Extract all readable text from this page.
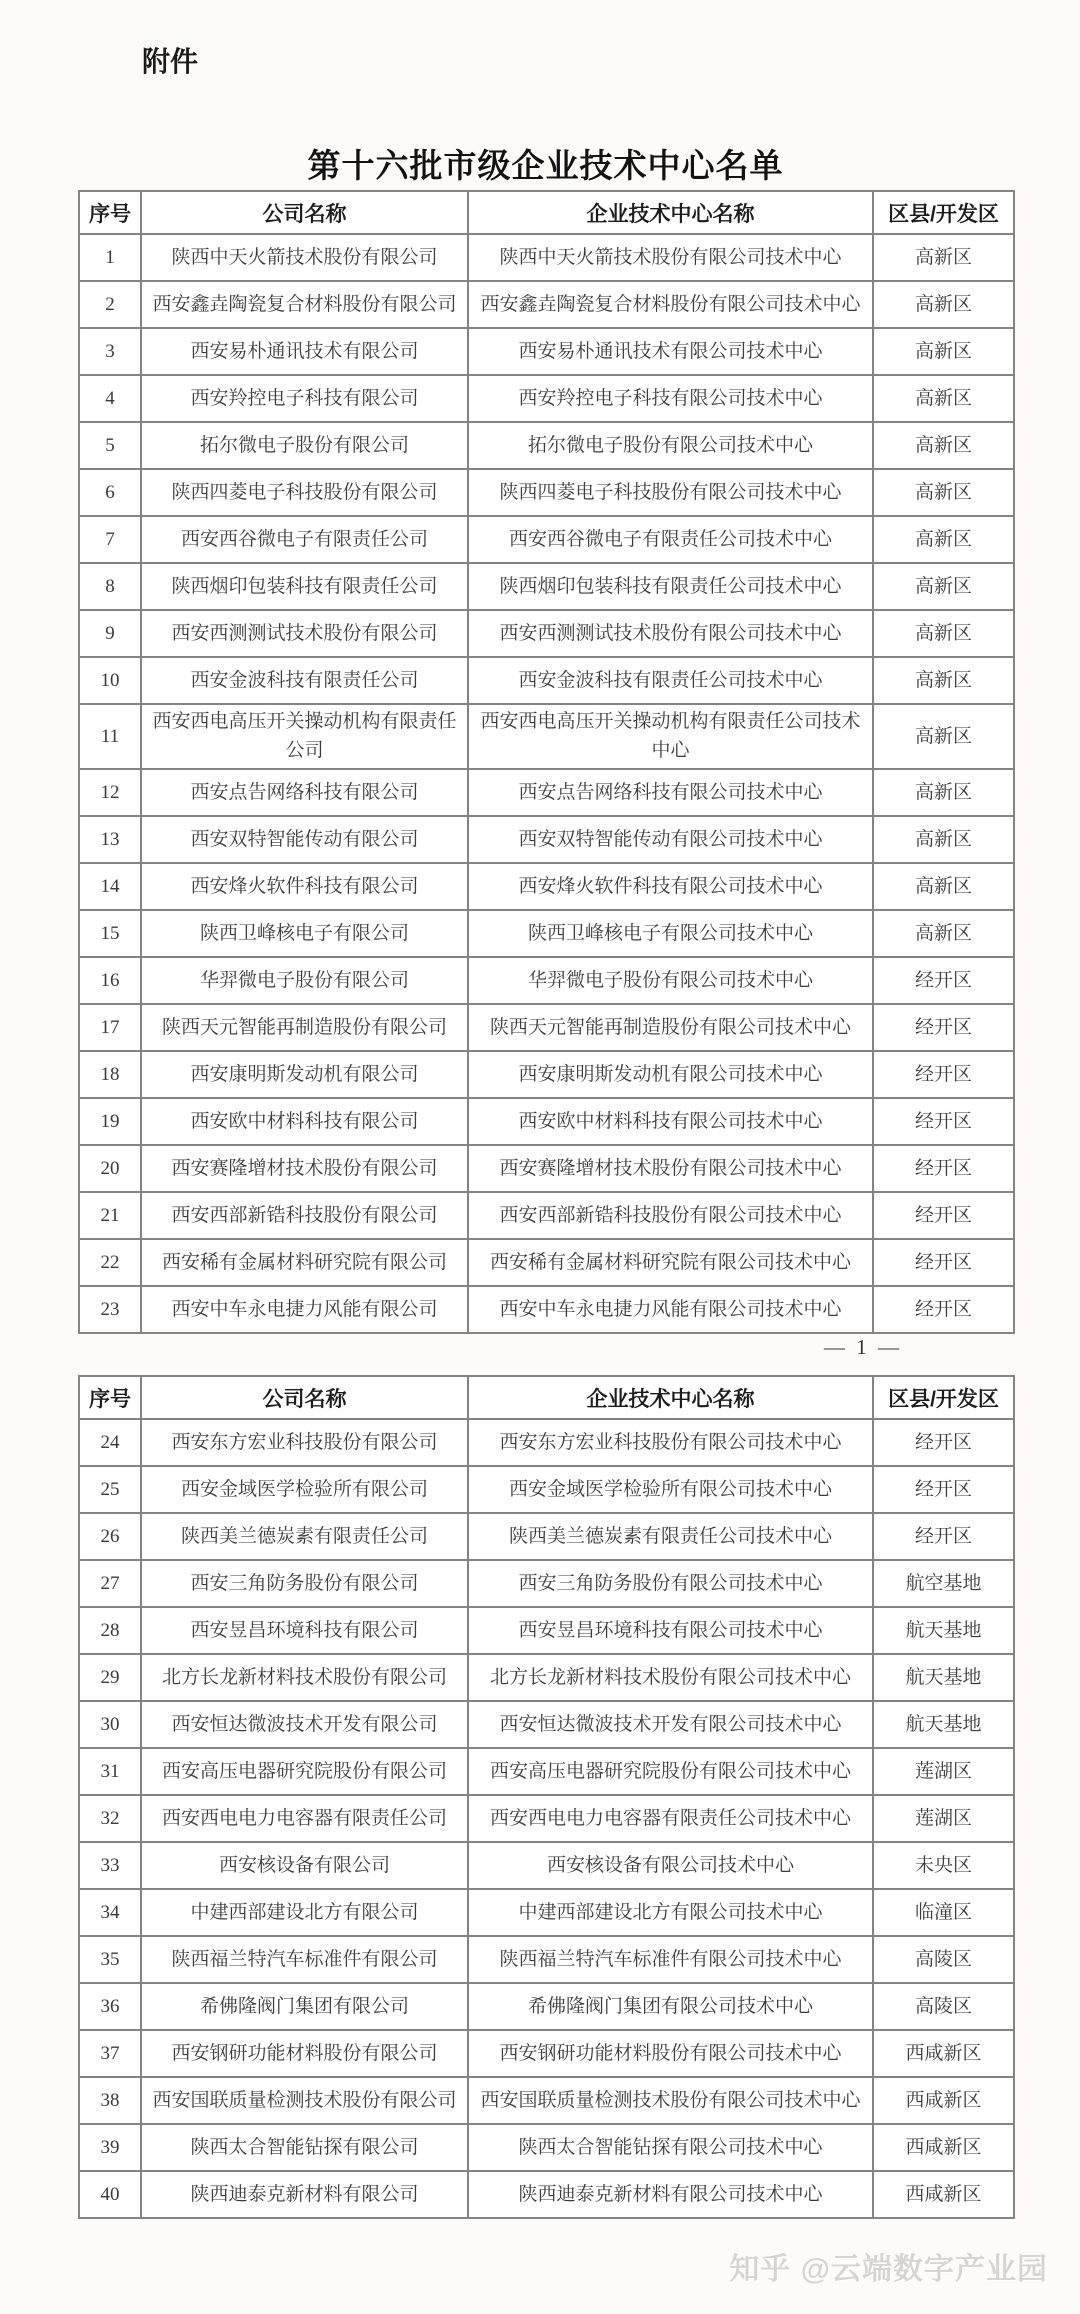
附件
第十六批市级企业技术中心名单
序号	公司名称	企业技术中心名称	区县/开发区
1	陕西中天火箭技术股份有限公司	陕西中天火箭技术股份有限公司技术中心	高新区
2	西安鑫垚陶瓷复合材料股份有限公司	西安鑫垚陶瓷复合材料股份有限公司技术中心	高新区
3	西安易朴通讯技术有限公司	西安易朴通讯技术有限公司技术中心	高新区
4	西安羚控电子科技有限公司	西安羚控电子科技有限公司技术中心	高新区
5	拓尔微电子股份有限公司	拓尔微电子股份有限公司技术中心	高新区
6	陕西四菱电子科技股份有限公司	陕西四菱电子科技股份有限公司技术中心	高新区
7	西安西谷微电子有限责任公司	西安西谷微电子有限责任公司技术中心	高新区
8	陕西烟印包装科技有限责任公司	陕西烟印包装科技有限责任公司技术中心	高新区
9	西安西测测试技术股份有限公司	西安西测测试技术股份有限公司技术中心	高新区
10	西安金波科技有限责任公司	西安金波科技有限责任公司技术中心	高新区
11	西安西电高压开关操动机构有限责任公司	西安西电高压开关操动机构有限责任公司技术中心	高新区
12	西安点告网络科技有限公司	西安点告网络科技有限公司技术中心	高新区
13	西安双特智能传动有限公司	西安双特智能传动有限公司技术中心	高新区
14	西安烽火软件科技有限公司	西安烽火软件科技有限公司技术中心	高新区
15	陕西卫峰核电子有限公司	陕西卫峰核电子有限公司技术中心	高新区
16	华羿微电子股份有限公司	华羿微电子股份有限公司技术中心	经开区
17	陕西天元智能再制造股份有限公司	陕西天元智能再制造股份有限公司技术中心	经开区
18	西安康明斯发动机有限公司	西安康明斯发动机有限公司技术中心	经开区
19	西安欧中材料科技有限公司	西安欧中材料科技有限公司技术中心	经开区
20	西安赛隆增材技术股份有限公司	西安赛隆增材技术股份有限公司技术中心	经开区
21	西安西部新锆科技股份有限公司	西安西部新锆科技股份有限公司技术中心	经开区
22	西安稀有金属材料研究院有限公司	西安稀有金属材料研究院有限公司技术中心	经开区
23	西安中车永电捷力风能有限公司	西安中车永电捷力风能有限公司技术中心	经开区
— 1 —
序号	公司名称	企业技术中心名称	区县/开发区
24	西安东方宏业科技股份有限公司	西安东方宏业科技股份有限公司技术中心	经开区
25	西安金域医学检验所有限公司	西安金域医学检验所有限公司技术中心	经开区
26	陕西美兰德炭素有限责任公司	陕西美兰德炭素有限责任公司技术中心	经开区
27	西安三角防务股份有限公司	西安三角防务股份有限公司技术中心	航空基地
28	西安昱昌环境科技有限公司	西安昱昌环境科技有限公司技术中心	航天基地
29	北方长龙新材料技术股份有限公司	北方长龙新材料技术股份有限公司技术中心	航天基地
30	西安恒达微波技术开发有限公司	西安恒达微波技术开发有限公司技术中心	航天基地
31	西安高压电器研究院股份有限公司	西安高压电器研究院股份有限公司技术中心	莲湖区
32	西安西电电力电容器有限责任公司	西安西电电力电容器有限责任公司技术中心	莲湖区
33	西安核设备有限公司	西安核设备有限公司技术中心	未央区
34	中建西部建设北方有限公司	中建西部建设北方有限公司技术中心	临潼区
35	陕西福兰特汽车标准件有限公司	陕西福兰特汽车标准件有限公司技术中心	高陵区
36	希佛隆阀门集团有限公司	希佛隆阀门集团有限公司技术中心	高陵区
37	西安钢研功能材料股份有限公司	西安钢研功能材料股份有限公司技术中心	西咸新区
38	西安国联质量检测技术股份有限公司	西安国联质量检测技术股份有限公司技术中心	西咸新区
39	陕西太合智能钻探有限公司	陕西太合智能钻探有限公司技术中心	西咸新区
40	陕西迪泰克新材料有限公司	陕西迪泰克新材料有限公司技术中心	西咸新区
知乎 @云端数字产业园
